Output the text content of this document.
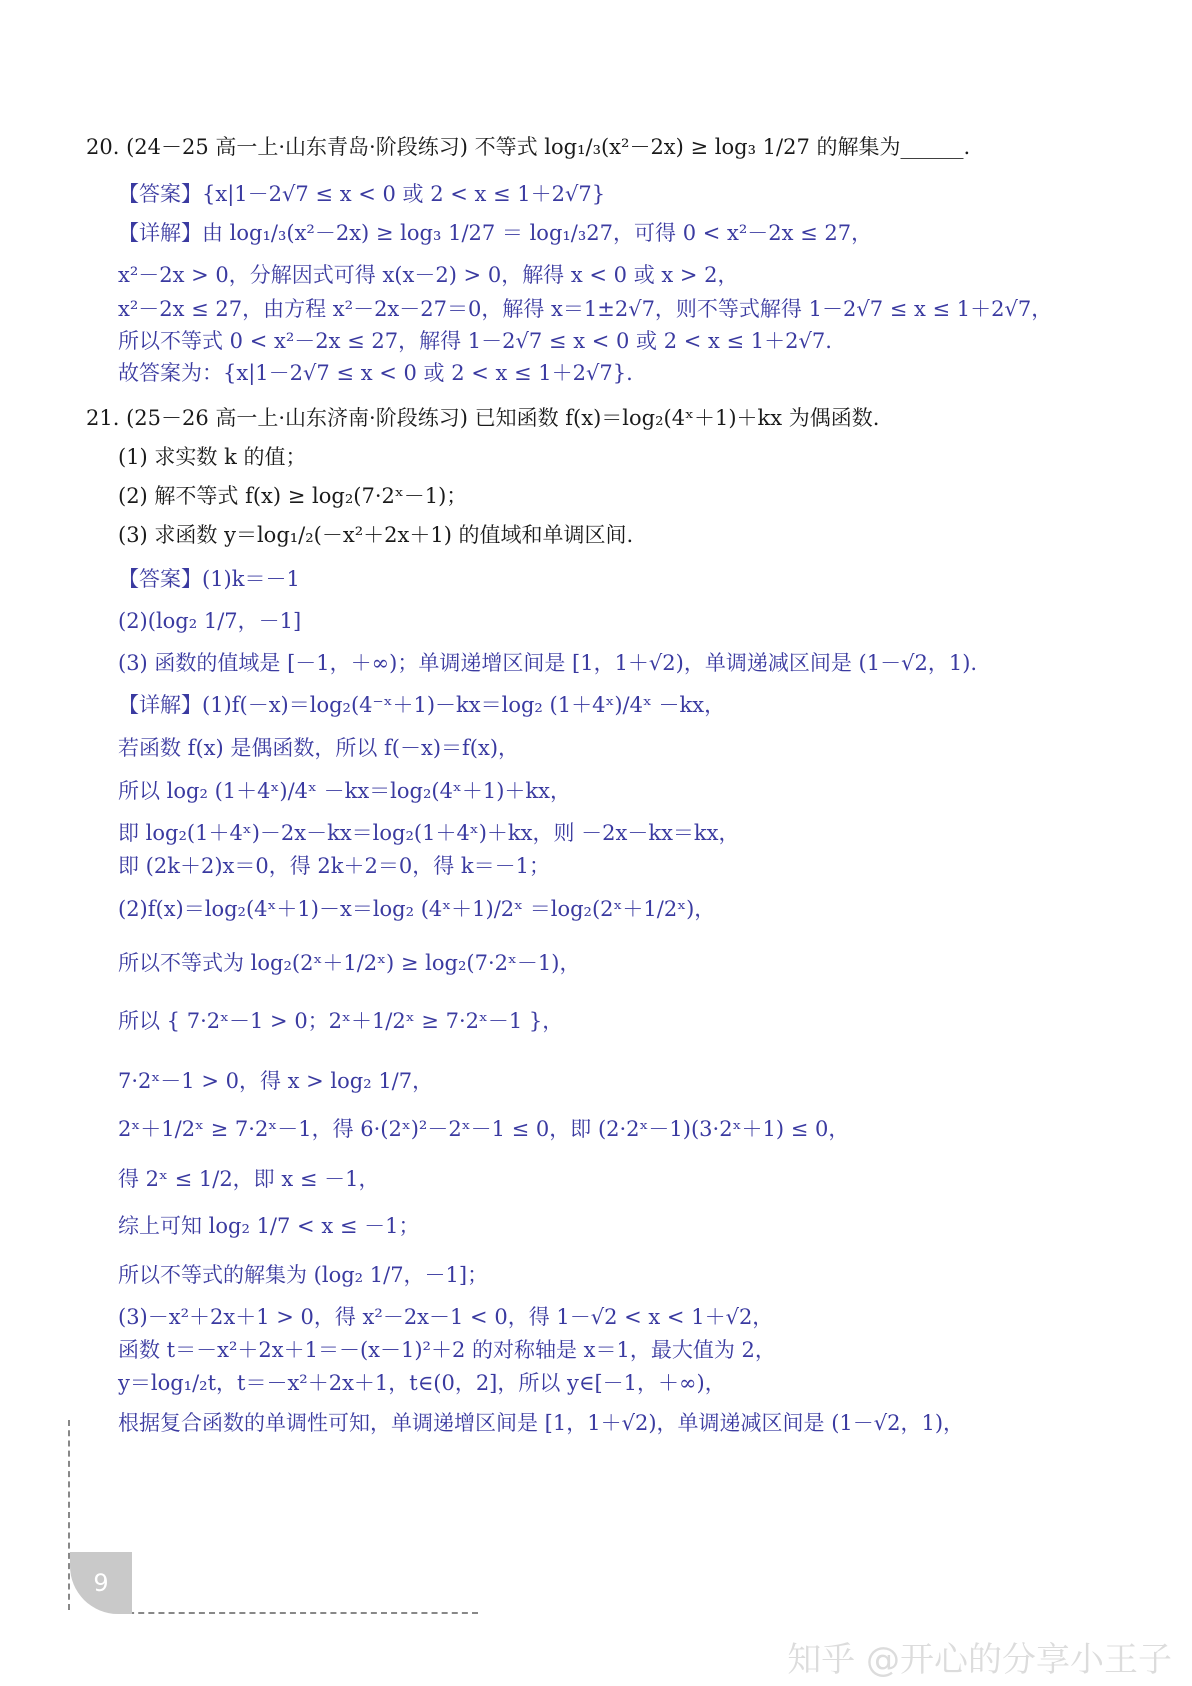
20. (24－25 高一上·山东青岛·阶段练习) 不等式 log₁/₃(x²－2x) ≥ log₃ 1/27 的解集为______.
【答案】{x|1－2√7 ≤ x < 0 或 2 < x ≤ 1＋2√7}
【详解】由 log₁/₃(x²－2x) ≥ log₃ 1/27 ＝ log₁/₃27，可得 0 < x²－2x ≤ 27，
x²－2x > 0，分解因式可得 x(x－2) > 0，解得 x < 0 或 x > 2，
x²－2x ≤ 27，由方程 x²－2x－27＝0，解得 x＝1±2√7，则不等式解得 1－2√7 ≤ x ≤ 1＋2√7，
所以不等式 0 < x²－2x ≤ 27，解得 1－2√7 ≤ x < 0 或 2 < x ≤ 1＋2√7.
故答案为：{x|1－2√7 ≤ x < 0 或 2 < x ≤ 1＋2√7}.
21. (25－26 高一上·山东济南·阶段练习) 已知函数 f(x)＝log₂(4ˣ＋1)＋kx 为偶函数.
(1) 求实数 k 的值；
(2) 解不等式 f(x) ≥ log₂(7·2ˣ－1)；
(3) 求函数 y＝log₁/₂(－x²＋2x＋1) 的值域和单调区间.
【答案】(1)k＝－1
(2)(log₂ 1/7，－1]
(3) 函数的值域是 [－1，＋∞)；单调递增区间是 [1，1＋√2)，单调递减区间是 (1－√2，1).
【详解】(1)f(－x)＝log₂(4⁻ˣ＋1)－kx＝log₂ (1＋4ˣ)/4ˣ －kx，
若函数 f(x) 是偶函数，所以 f(－x)＝f(x)，
所以 log₂ (1＋4ˣ)/4ˣ －kx＝log₂(4ˣ＋1)＋kx，
即 log₂(1＋4ˣ)－2x－kx＝log₂(1＋4ˣ)＋kx，则 －2x－kx＝kx，
即 (2k＋2)x＝0，得 2k＋2＝0，得 k＝－1；
(2)f(x)＝log₂(4ˣ＋1)－x＝log₂ (4ˣ＋1)/2ˣ ＝log₂(2ˣ＋1/2ˣ)，
所以不等式为 log₂(2ˣ＋1/2ˣ) ≥ log₂(7·2ˣ－1)，
所以 { 7·2ˣ－1 > 0；2ˣ＋1/2ˣ ≥ 7·2ˣ－1 }，
7·2ˣ－1 > 0，得 x > log₂ 1/7，
2ˣ＋1/2ˣ ≥ 7·2ˣ－1，得 6·(2ˣ)²－2ˣ－1 ≤ 0，即 (2·2ˣ－1)(3·2ˣ＋1) ≤ 0，
得 2ˣ ≤ 1/2，即 x ≤ －1，
综上可知 log₂ 1/7 < x ≤ －1；
所以不等式的解集为 (log₂ 1/7，－1]；
(3)－x²＋2x＋1 > 0，得 x²－2x－1 < 0，得 1－√2 < x < 1＋√2，
函数 t＝－x²＋2x＋1＝－(x－1)²＋2 的对称轴是 x＝1，最大值为 2，
y＝log₁/₂t，t＝－x²＋2x＋1，t∈(0，2]，所以 y∈[－1，＋∞)，
根据复合函数的单调性可知，单调递增区间是 [1，1＋√2)，单调递减区间是 (1－√2，1)，
9
知乎 @开心的分享小王子
